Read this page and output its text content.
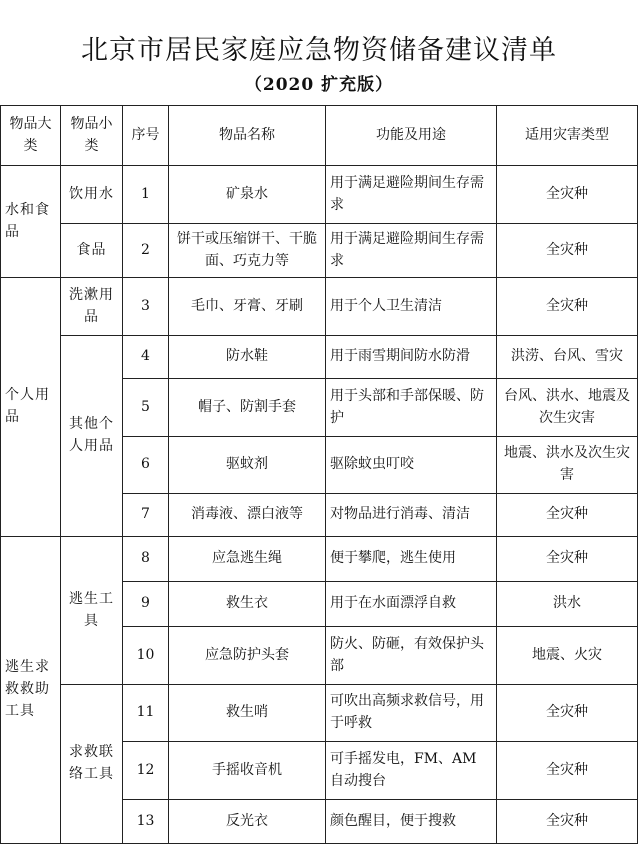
北京市居民家庭应急物资储备建议清单
（2020 扩充版）
物品大类	物品小类	序号	物品名称	功能及用途	适用灾害类型
水和食品	饮用水	1	矿泉水	用于满足避险期间生存需求	全灾种
	食品	2	饼干或压缩饼干、干脆面、巧克力等	用于满足避险期间生存需求	全灾种
个人用品	洗漱用品	3	毛巾、牙膏、牙刷	用于个人卫生清洁	全灾种
	其他个人用品	4	防水鞋	用于雨雪期间防水防滑	洪涝、台风、雪灾
		5	帽子、防割手套	用于头部和手部保暖、防护	台风、洪水、地震及次生灾害
		6	驱蚊剂	驱除蚊虫叮咬	地震、洪水及次生灾害
		7	消毒液、漂白液等	对物品进行消毒、清洁	全灾种
逃生求救救助工具	逃生工具	8	应急逃生绳	便于攀爬，逃生使用	全灾种
		9	救生衣	用于在水面漂浮自救	洪水
		10	应急防护头套	防火、防砸，有效保护头部	地震、火灾
	求救联络工具	11	救生哨	可吹出高频求救信号，用于呼救	全灾种
		12	手摇收音机	可手摇发电，FM、AM 自动搜台	全灾种
		13	反光衣	颜色醒目，便于搜救	全灾种
